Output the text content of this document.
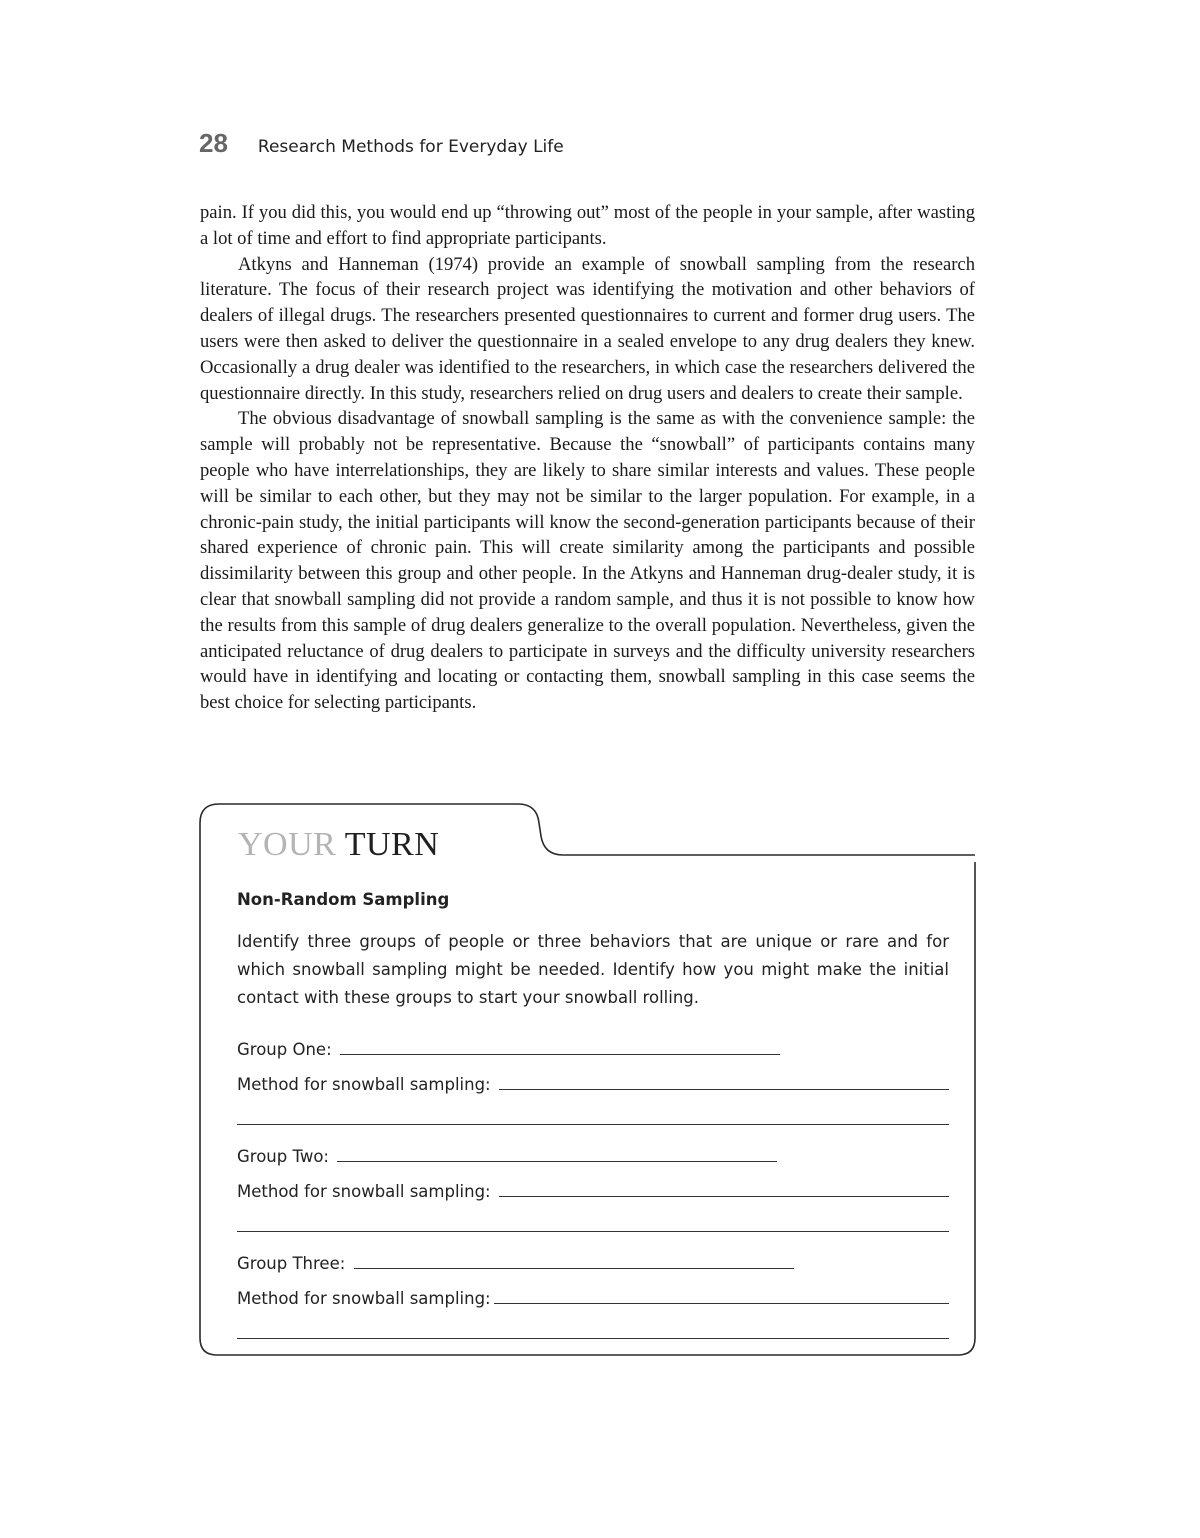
28 Research Methods for Everyday Life

pain. If you did this, you would end up “throwing out” most of the people in your sample, after wasting a lot of time and effort to find appropriate participants.

Atkyns and Hanneman (1974) provide an example of snowball sampling from the research literature. The focus of their research project was identifying the motivation and other behaviors of dealers of illegal drugs. The researchers presented questionnaires to current and former drug users. The users were then asked to deliver the questionnaire in a sealed envelope to any drug dealers they knew. Occasionally a drug dealer was identified to the researchers, in which case the researchers delivered the questionnaire directly. In this study, researchers relied on drug users and dealers to create their sample.

The obvious disadvantage of snowball sampling is the same as with the convenience sample: the sample will probably not be representative. Because the “snowball” of participants contains many people who have interrelationships, they are likely to share similar interests and values. These people will be similar to each other, but they may not be similar to the larger population. For example, in a chronic-pain study, the initial participants will know the second-generation participants because of their shared experience of chronic pain. This will create similarity among the participants and possible dissimilarity between this group and other people. In the Atkyns and Hanneman drug-dealer study, it is clear that snowball sampling did not provide a random sample, and thus it is not possible to know how the results from this sample of drug dealers generalize to the overall population. Nevertheless, given the anticipated reluctance of drug dealers to participate in surveys and the difficulty university researchers would have in identifying and locating or contacting them, snowball sampling in this case seems the best choice for selecting participants.

YOUR TURN

Non-Random Sampling

Identify three groups of people or three behaviors that are unique or rare and for which snowball sampling might be needed. Identify how you might make the initial contact with these groups to start your snowball rolling.

Group One:
Method for snowball sampling:
Group Two:
Method for snowball sampling:
Group Three:
Method for snowball sampling:
